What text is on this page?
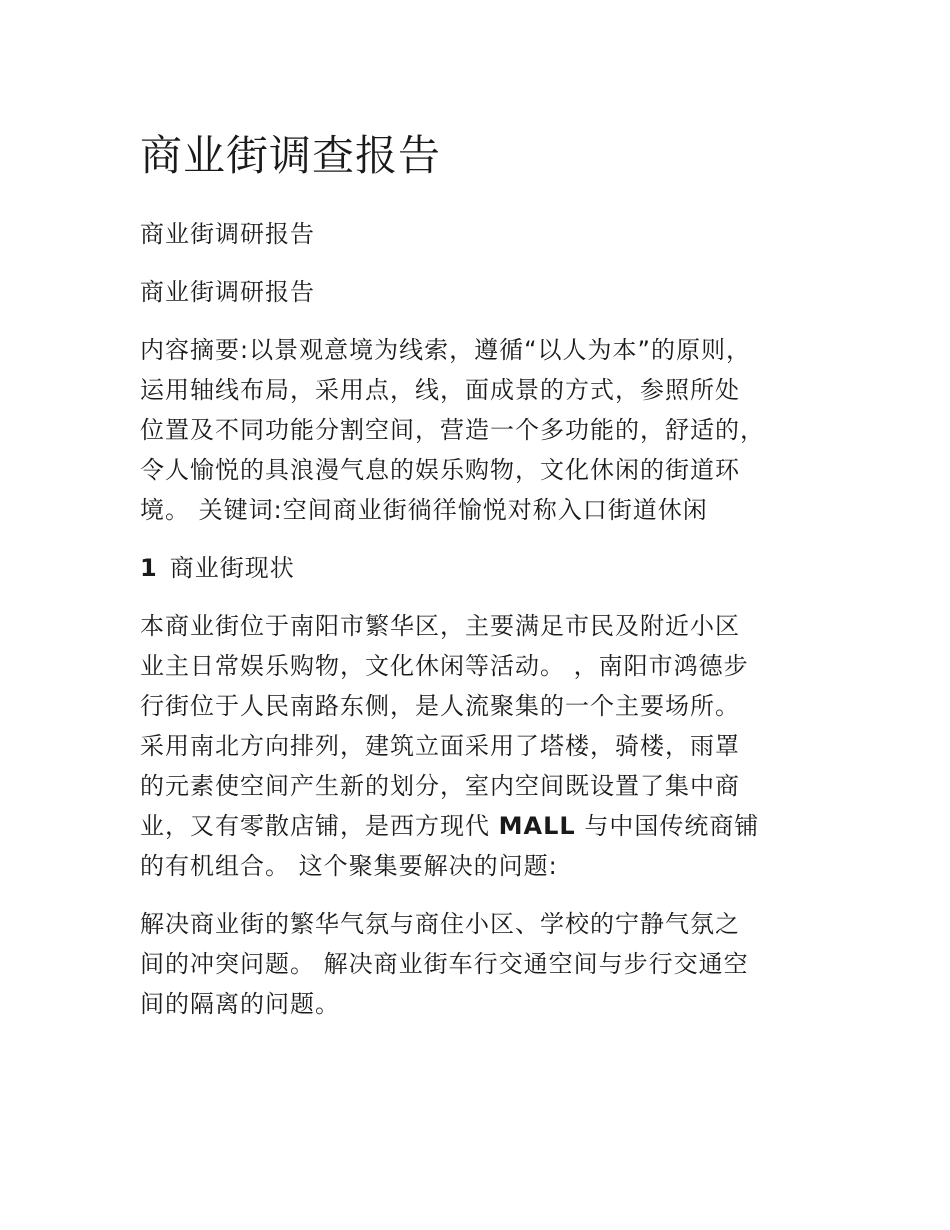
商业街调查报告

商业街调研报告

商业街调研报告

内容摘要:以景观意境为线索，遵循“以人为本”的原则，
运用轴线布局，采用点，线，面成景的方式，参照所处
位置及不同功能分割空间，营造一个多功能的，舒适的，
令人愉悦的具浪漫气息的娱乐购物，文化休闲的街道环
境。 关键词:空间商业街徜徉愉悦对称入口街道休闲

1 商业街现状

本商业街位于南阳市繁华区，主要满足市民及附近小区
业主日常娱乐购物，文化休闲等活动。 ，南阳市鸿德步
行街位于人民南路东侧，是人流聚集的一个主要场所。
采用南北方向排列，建筑立面采用了塔楼，骑楼，雨罩
的元素使空间产生新的划分，室内空间既设置了集中商
业，又有零散店铺，是西方现代 MALL 与中国传统商铺
的有机组合。 这个聚集要解决的问题:

解决商业街的繁华气氛与商住小区、学校的宁静气氛之
间的冲突问题。 解决商业街车行交通空间与步行交通空
间的隔离的问题。
